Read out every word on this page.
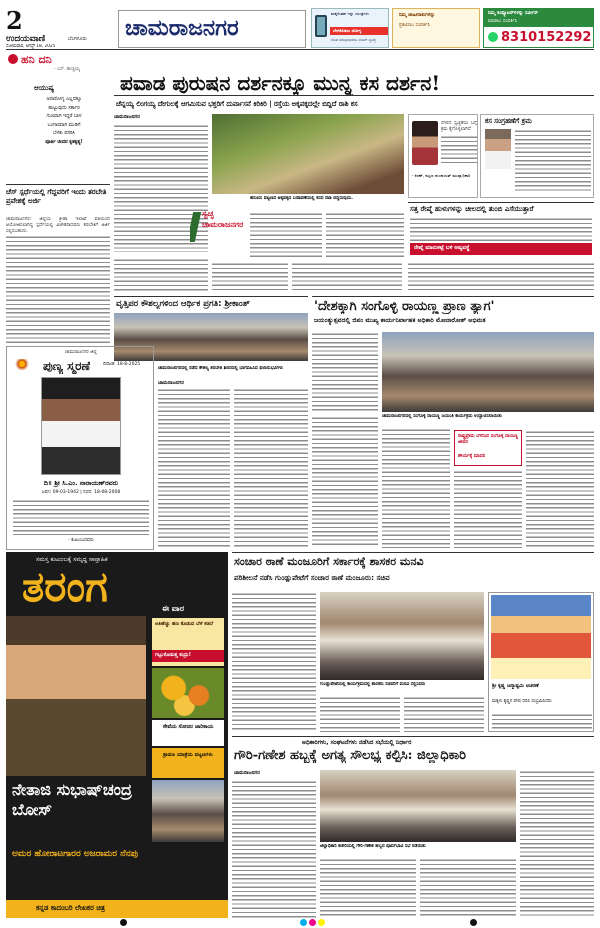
2
ಉದಯವಾಣಿ	ಬೆಂಗಳೂರು
ಸೋಮವಾರ, ಆಗಸ್ಟ್ 18, 2025
ಚಾಮರಾಜನಗರ
ಮಕ್ಕಳಿಂತಹ ಇನ್ನು ಯಂತ್ರಗಳು
ಬೇಗಕೊಡಲು ಯೋಗ್ಯ
ಜೊತೆ ಯಾವುದಾದರೂ ನಂಬರ್ ವ್ಯವಸ್ಥೆ
ನಿಮ್ಮ ಜಾಹೀರಾತುಗಳನ್ನು
ಪ್ರಕಟಿಸಲು ಸಂಪರ್ಕಿಸಿ
ನಿಮ್ಮ ಕಂಪ್ಯೂಟರ್‌ಗಳನ್ನು ಸರ್ವೀಸ್
ಮಾಡಲು ಸಂಪರ್ಕಿಸಿ
8310152292
ಹನಿ ದನಿ
- ಎಸ್. ಹುಚ್ಚಯ್ಯ
ಆಯುಷ್ಯ
ಅನಾರೋಗ್ಯ ಎಲ್ಲದಕ್ಕೂ
ಹುಟ್ಟುವುದು ಸರ್ಕಾರ
ಗುಣವಾಗಿ ಇದ್ದರೆ ಬಾಳ
ಬಂಗಾರವಾಗಿ ಮುಡಿಗೆ
ಬೆಳಕು ಪಸರಿಸಿ
ಪೂರ್ತಿ ಜೀವನ ಕೃತಕೃತ್ಯ!
ಚೆಸ್ ಸ್ಪರ್ಧೆಯಲ್ಲಿ ಗೆದ್ದವರಿಗೆ ಇಂದು ತರಬೇತಿ ಪ್ರವೇಶಕ್ಕೆ ಅರ್ಜಿ
ಚಾಮರಾಜನಗರ: ಜಿಲ್ಲೆಯ ಕ್ರೀಡಾ ಇಲಾಖೆ ವತಿಯಿಂದ ಆಯೋಜಿಸಲಾಗಿದ್ದ ಸ್ಪರ್ಧೆಯಲ್ಲಿ ವಿಜೇತರಾದವರು ತರಬೇತಿಗೆ ಅರ್ಜಿ ಸಲ್ಲಿಸಬಹುದು.
ಪವಾಡ ಪುರುಷನ ದರ್ಶನಕ್ಕೂ ಮುನ್ನ ಕಸ ದರ್ಶನ!
ಚೆನ್ನಯ್ಯ ಲಿಂಗಯ್ಯ ದೇಗುಲಕ್ಕೆ ಆಗಮಿಸುವ ಭಕ್ತರಿಗೆ ದುರ್ವಾಸನೆ ಕಿರಿಕಿರಿ | ರಸ್ತೆಯ ಅಕ್ಕಪಕ್ಕದಲ್ಲೇ ಬಿದ್ದಿದೆ ರಾಶಿ ಕಸ
ಚಾಮರಾಜನಗರ
ಸ್ವಚ್ಛ ಚಾಮರಾಜನಗರ
ಹನೂರು ಪಟ್ಟಣದ ಅಕ್ಕಪಕ್ಕದ ಬಡಾವಣೆಯಲ್ಲಿ ಕಸದ ರಾಶಿ ಬಿದ್ದಿರುವುದು.
ನಗರದ ಸ್ವಚ್ಛತೆಯ ಬಗ್ಗೆ ಕ್ರಮ ಕೈಗೊಳ್ಳಲಾಗಿದೆ
- ಕಿರಣ್, ಪಟ್ಟಣ ಪಂಚಾಯತ್ ಮುಖ್ಯಾಧಿಕಾರಿ
ಕಸ ಸಂಗ್ರಹಣೆಗೆ ಕ್ರಮ
ಸತ್ತ ರೇಷ್ಮೆ ಹುಳುಗಳನ್ನು ಚೀಲದಲ್ಲಿ ತುಂಬಿ ಎಸೆಯುತ್ತಾರೆ
ರೇಷ್ಮೆ ಮಾರುಕಟ್ಟೆ ಬಳಿ ಅವ್ಯವಸ್ಥೆ
ವೃತ್ತಿಪರ ಕೌಶಲ್ಯಗಳಿಂದ ಆರ್ಥಿಕ ಪ್ರಗತಿ: ಶ್ರೀಕಾಂತ್
ಚಾಮರಾಜನಗರದಲ್ಲಿ ನಡೆದ ಕೌಶಲ್ಯ ತರಬೇತಿ ಶಿಬಿರದಲ್ಲಿ ಭಾಗವಹಿಸಿದ ಫಲಾನುಭವಿಗಳು
ಚಾಮರಾಜನಗರ
ಚಾಮರಾಜನಗರ ಜಿಲ್ಲೆ
ಪುಣ್ಯ ಸ್ಮರಣೆ	ದಿನಾಂಕ: 18-8-2025
ದಿ॥ ಶ್ರೀ ಸಿ.ಎಂ. ನಾರಾಯಣ್‌ರವರು
ಜನನ: 09-03-1942 | ನಿಧನ: 18-08-2008
- ಕುಟುಂಬದವರು
'ದೇಶಕ್ಕಾಗಿ ಸಂಗೊಳ್ಳಿ ರಾಯಣ್ಣ ಪ್ರಾಣ ತ್ಯಾಗ'
ಜಯಂತ್ಯುತ್ಸವದಲ್ಲಿ ಜಿಪಂ ಮುಖ್ಯ ಕಾರ್ಯನಿರ್ವಾಹಕ ಅಧಿಕಾರಿ ಮೋನಾರೋತ್ ಅಭಿಮತ
ಚಾಮರಾಜನಗರದಲ್ಲಿ ಸಂಗೊಳ್ಳಿ ರಾಯಣ್ಣ ಜಯಂತಿ ಕಾರ್ಯಕ್ರಮ ಉದ್ಘಾಟಿಸಲಾಯಿತು
ರಾಷ್ಟ್ರಪ್ರೇಮ ಬೆಳೆಸುವ ಸಂಗೊಳ್ಳಿ ರಾಯಣ್ಣ ಜೀವನ
ಶೌರ್ಯಕ್ಕೆ ಮಾದರಿ
ಸಮಸ್ತ ಕುಟುಂಬಕ್ಕೆ ಸಮೃದ್ಧ ಸಾಪ್ತಾಹಿಕ
ತರಂಗ	ಈ ವಾರ
ಅತಿಹೆಚ್ಚು ಹಣ ಕೊಡುವ ಬೆಳೆ ಕಡಲೆ
ಗಬ್ಬುಕೊಡುತ್ತ ಕುದ್ರು!
ಸೇವೆಯ ಸೋದರ ಜಾರಿಕಾಯ
ಶ್ರಾವಣ ಯಾತ್ರೆಯ ಪಟ್ಟಣಗಳು
ನೇತಾಜಿ ಸುಭಾಷ್‌ಚಂದ್ರ ಬೋಸ್
ಅಮರ ಹೋರಾಟಗಾರರ ಅಜರಾಮರ ನೆನಪು
ಕನ್ನಡ ಕಾದಂಬರಿ ಲೇಖಕರ ಚಿತ್ರ
ಸಂಚಾರ ಠಾಣೆ ಮಂಜೂರಿಗೆ ಸರ್ಕಾರಕ್ಕೆ ಶಾಸಕರ ಮನವಿ
ಪರಿಶೀಲನೆ ನಡೆಸಿ ಗುಂಡ್ಲುಪೇಟೆಗೆ ಸಂಚಾರ ಠಾಣೆ ಮಂಜೂರು: ಸಚಿವ
ಗುಂಡ್ಲುಪೇಟೆಯಲ್ಲಿ ಕಾರ್ಯಕ್ರಮದಲ್ಲಿ ಶಾಸಕರು ಸಚಿವರಿಗೆ ಮನವಿ ಸಲ್ಲಿಸಿದರು	ಶ್ರೀ ಕೃಷ್ಣ ಜನ್ಮಾಷ್ಟಮಿ ಆಚರಣೆ
ಮಕ್ಕಳು ಕೃಷ್ಣನ ವೇಷ ಧರಿಸಿ ಸಂಭ್ರಮಿಸಿದರು
ಅಧಿಕಾರಿಗಳು, ಸಂಘಟನೆಗಳು ನಡೆಸಿದ ಸಭೆಯಲ್ಲಿ ನಿರ್ಧಾರ
ಗೌರಿ-ಗಣೇಶ ಹಬ್ಬಕ್ಕೆ ಅಗತ್ಯ ಸೌಲಭ್ಯ ಕಲ್ಪಿಸಿ: ಜಿಲ್ಲಾಧಿಕಾರಿ
ಚಾಮರಾಜನಗರ
ಜಿಲ್ಲಾಧಿಕಾರಿ ಕಚೇರಿಯಲ್ಲಿ ಗೌರಿ-ಗಣೇಶ ಹಬ್ಬದ ಪೂರ್ವಭಾವಿ ಸಭೆ ನಡೆಯಿತು
